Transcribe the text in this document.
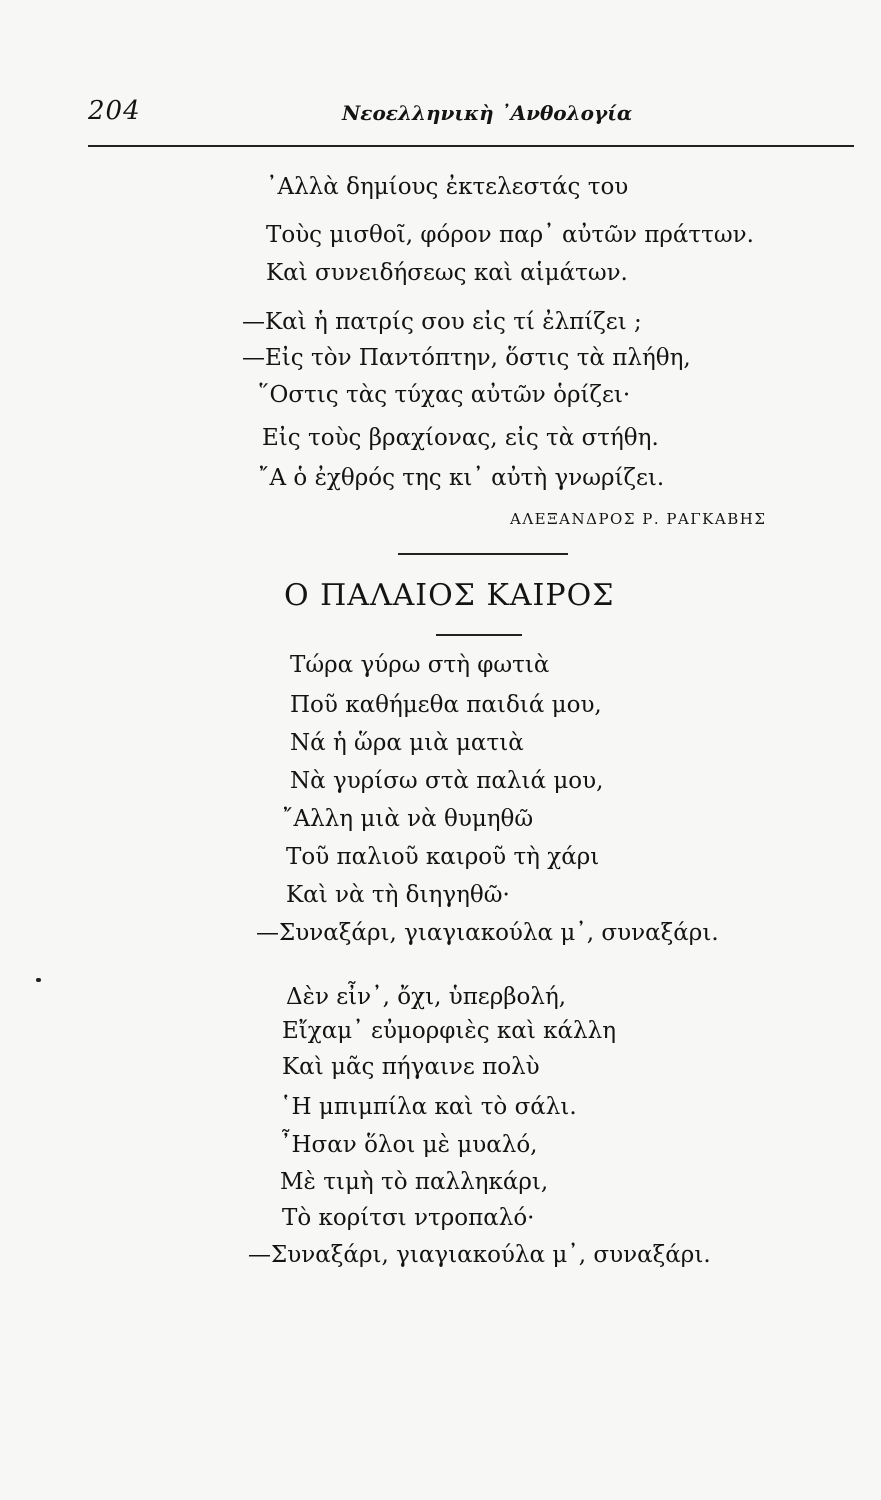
204	Νεοελληνικὴ ᾿Ανθολογία
᾿Αλλὰ δημίους ἐκτελεστάς του
Τοὺς μισθοῖ, φόρον παρ᾿ αὐτῶν πράττων.
Καὶ συνειδήσεως καὶ αἱμάτων.
—Καὶ ἡ πατρίς σου εἰς τί ἐλπίζει ;
—Εἰς τὸν Παντόπτην, ὅστις τὰ πλήθη,
῞Οστις τὰς τύχας αὐτῶν ὁρίζει·
Εἰς τοὺς βραχίονας, εἰς τὰ στήθη.
῎Α ὁ ἐχθρός της κι᾿ αὐτὴ γνωρίζει.
ΑΛΕΞΑΝΔΡΟΣ Ρ. ΡΑΓΚΑΒΗΣ
Ο ΠΑΛΑΙΟΣ ΚΑΙΡΟΣ
Τώρα γύρω στὴ φωτιὰ
Ποῦ καθήμεθα παιδιά μου,
Νά ἡ ὥρα μιὰ ματιὰ
Νὰ γυρίσω στὰ παλιά μου,
῎Αλλη μιὰ νὰ θυμηθῶ
Τοῦ παλιοῦ καιροῦ τὴ χάρι
Καὶ νὰ τὴ διηγηθῶ·
—Συναξάρι, γιαγιακούλα μ᾿, συναξάρι.
Δὲν εἶν᾿, ὄχι, ὑπερβολή,
Εἴχαμ᾿ εὐμορφιὲς καὶ κάλλη
Καὶ μᾶς πήγαινε πολὺ
῾Η μπιμπίλα καὶ τὸ σάλι.
῏Ησαν ὅλοι μὲ μυαλό,
Μὲ τιμὴ τὸ παλληκάρι,
Τὸ κορίτσι ντροπαλό·
—Συναξάρι, γιαγιακούλα μ᾿, συναξάρι.
